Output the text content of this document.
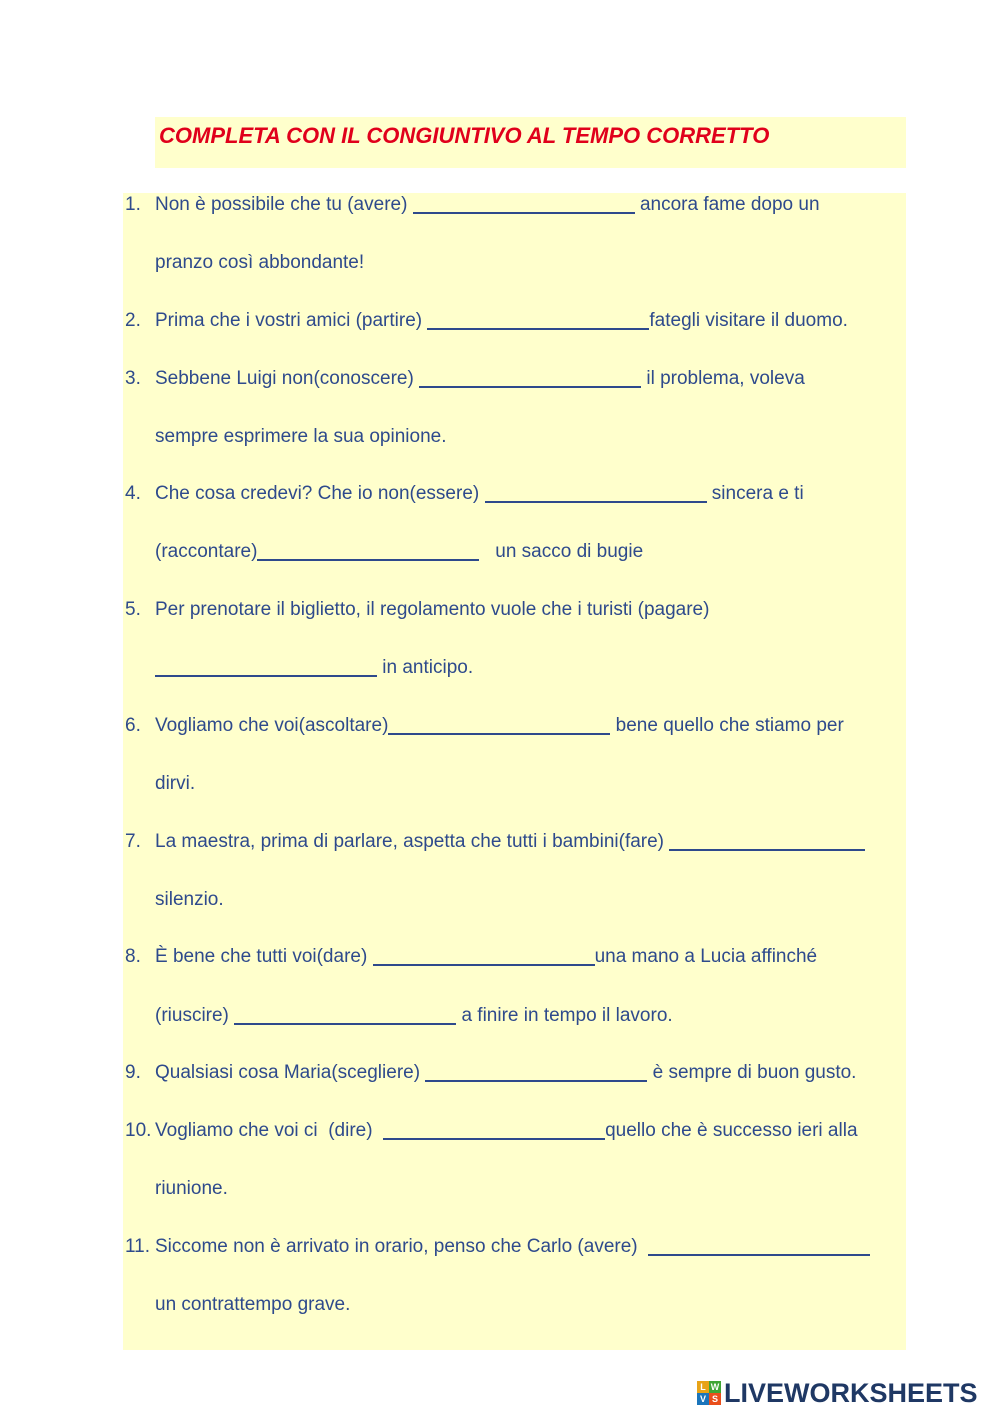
COMPLETA CON IL CONGIUNTIVO AL TEMPO CORRETTO
1. Non è possibile che tu (avere)	ancora fame dopo un
pranzo così abbondante!
2. Prima che i vostri amici (partire)	fategli visitare il duomo.
3. Sebbene Luigi non(conoscere)	il problema, voleva
sempre esprimere la sua opinione.
4. Che cosa credevi? Che io non(essere)	sincera e ti
(raccontare)	un sacco di bugie
5. Per prenotare il biglietto, il regolamento vuole che i turisti (pagare)
in anticipo.
6. Vogliamo che voi(ascoltare)	bene quello che stiamo per
dirvi.
7. La maestra, prima di parlare, aspetta che tutti i bambini(fare)
silenzio.
8. È bene che tutti voi(dare)	una mano a Lucia affinché
(riuscire)	a finire in tempo il lavoro.
9. Qualsiasi cosa Maria(scegliere)	è sempre di buon gusto.
10. Vogliamo che voi ci  (dire)	quello che è successo ieri alla
riunione.
11. Siccome non è arrivato in orario, penso che Carlo (avere)
un contrattempo grave.
L W
V S LIVEWORKSHEETS
